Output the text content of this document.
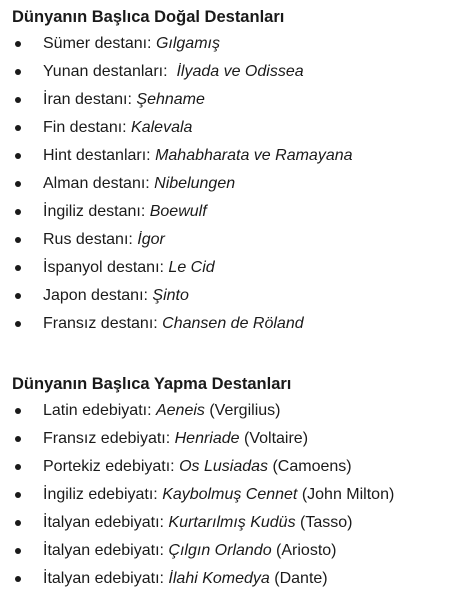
Dünyanın Başlıca Doğal Destanları
Sümer destanı: Gılgamış
Yunan destanları:  İlyada ve Odissea
İran destanı: Şehname
Fin destanı: Kalevala
Hint destanları: Mahabharata ve Ramayana
Alman destanı: Nibelungen
İngiliz destanı: Boewulf
Rus destanı: İgor
İspanyol destanı: Le Cid
Japon destanı: Şinto
Fransız destanı: Chansen de Röland
Dünyanın Başlıca Yapma Destanları
Latin edebiyatı: Aeneis (Vergilius)
Fransız edebiyatı: Henriade (Voltaire)
Portekiz edebiyatı: Os Lusiadas (Camoens)
İngiliz edebiyatı: Kaybolmuş Cennet (John Milton)
İtalyan edebiyatı: Kurtarılmış Kudüs (Tasso)
İtalyan edebiyatı: Çılgın Orlando (Ariosto)
İtalyan edebiyatı: İlahi Komedya (Dante)
